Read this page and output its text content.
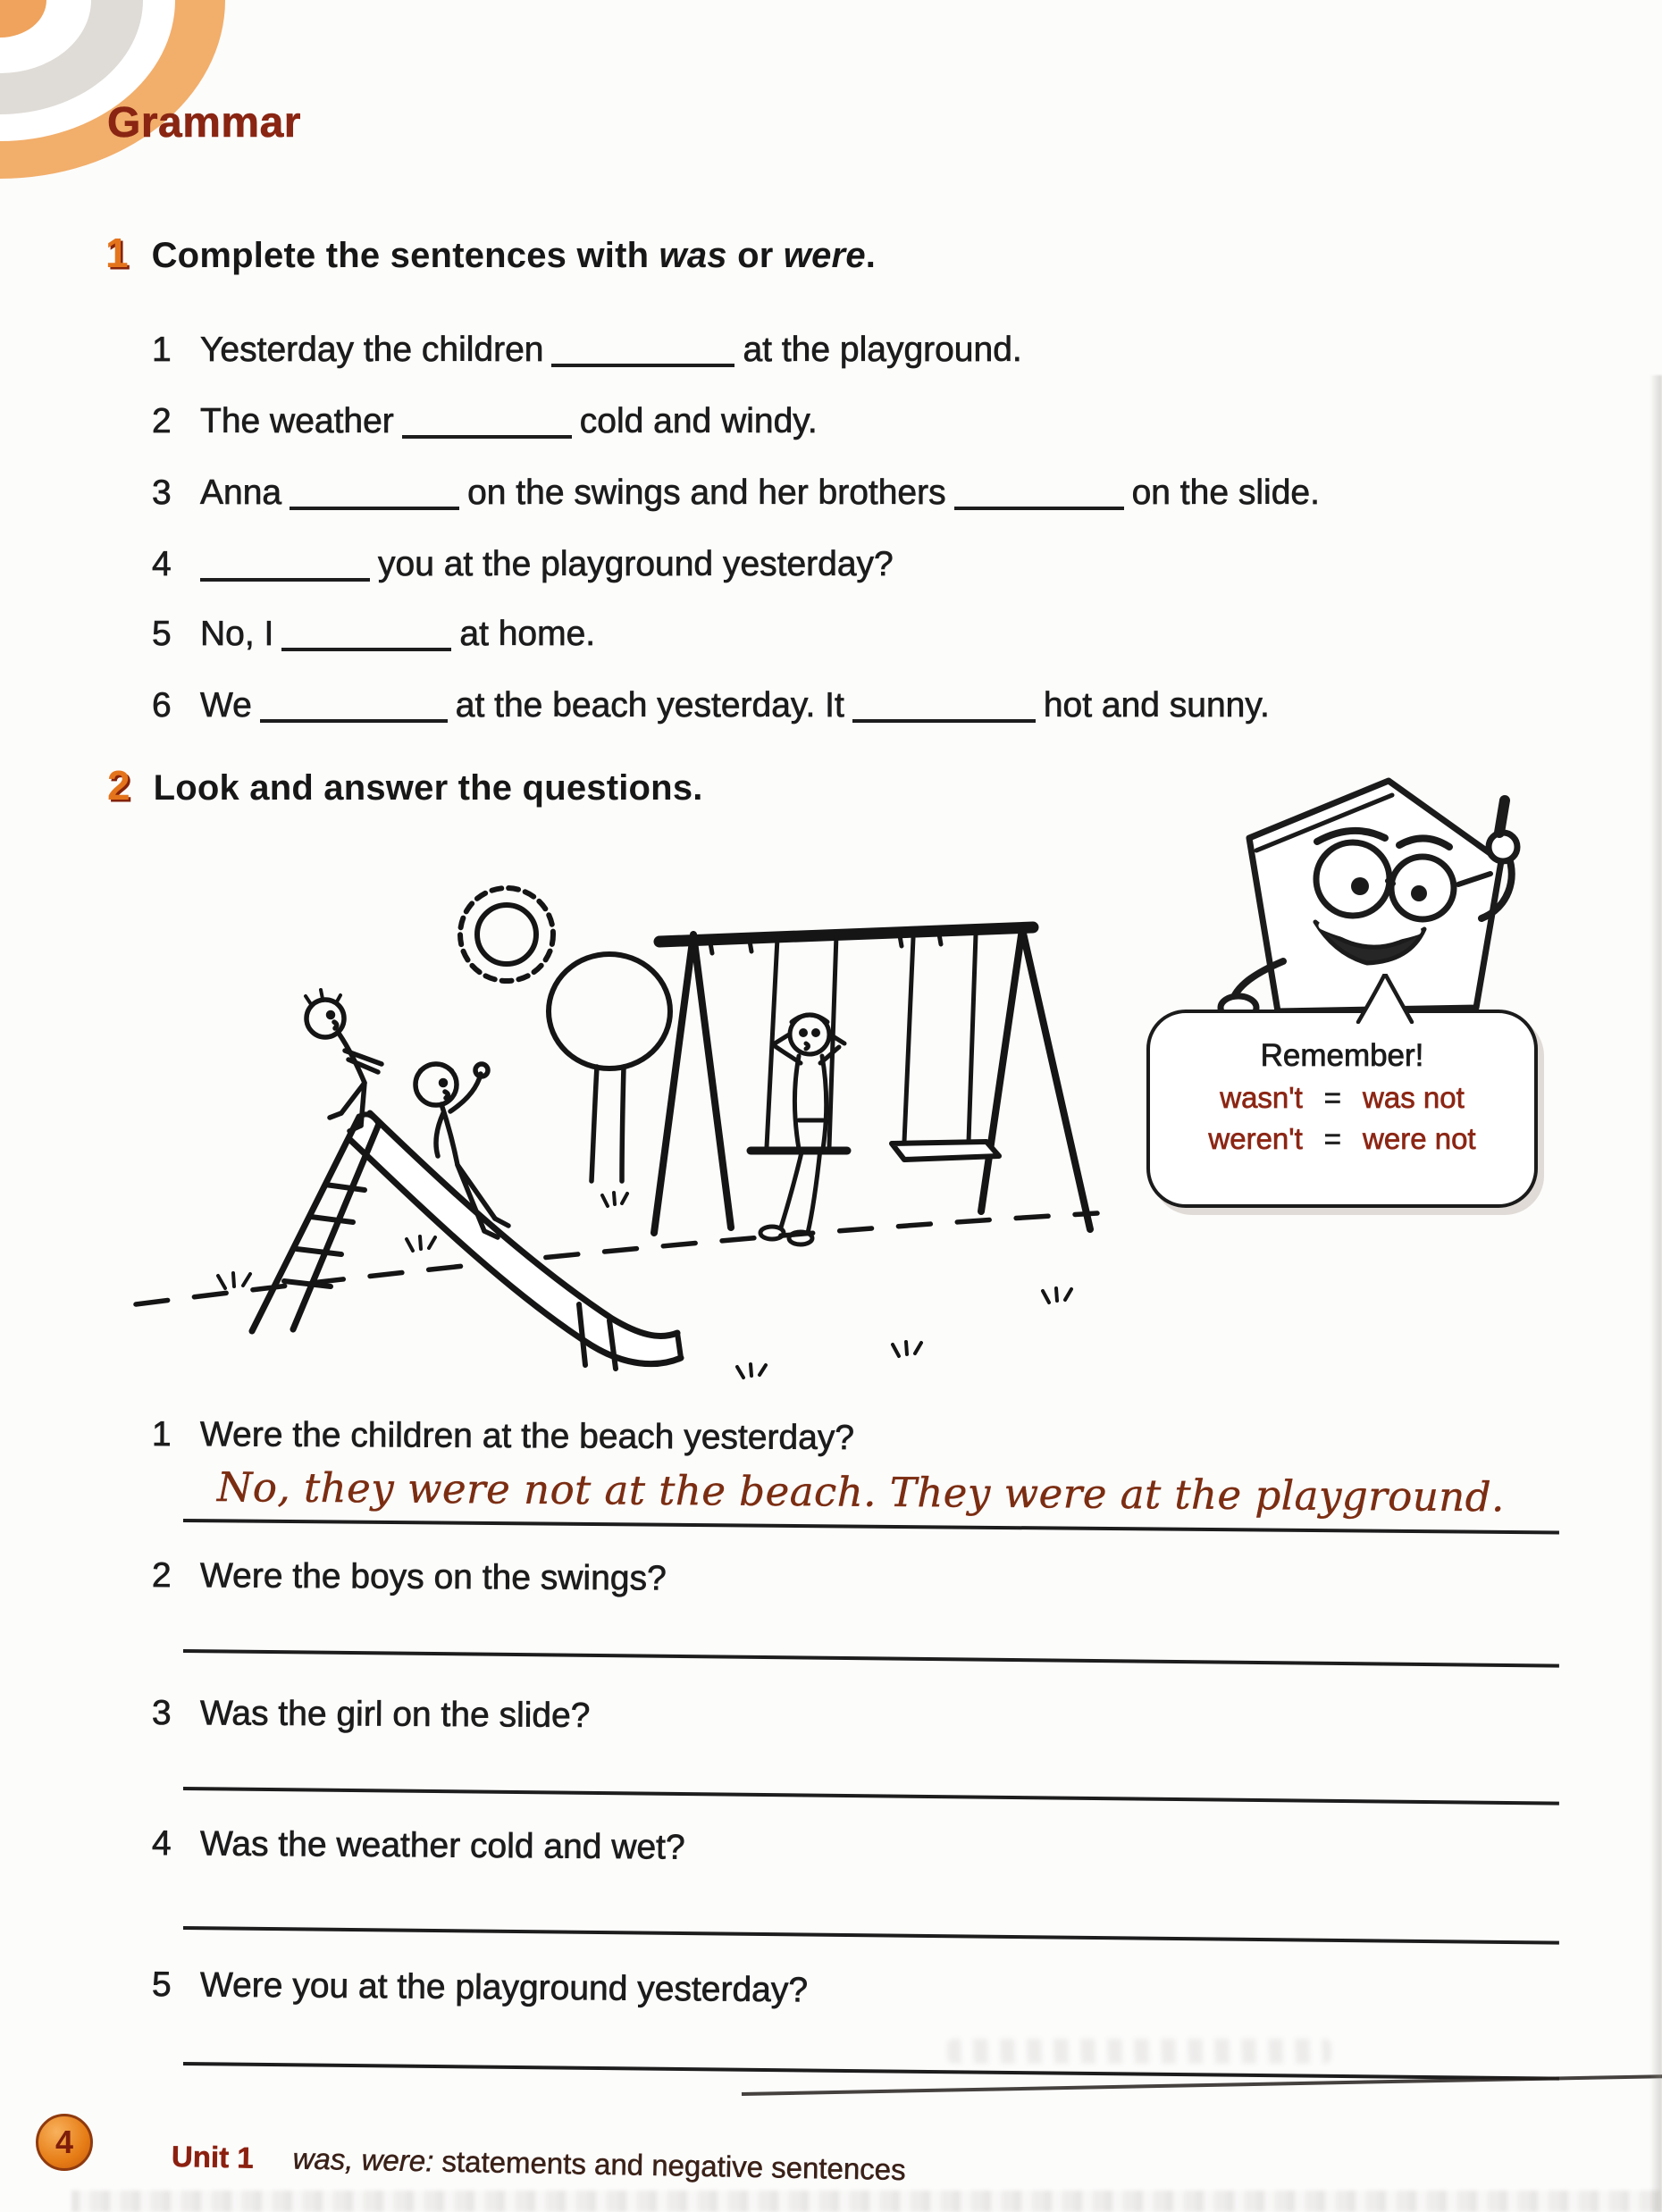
Grammar
1 Complete the sentences with was or were.
1 Yesterday the children	at the playground.
2 The weather	cold and windy.
3 Anna	on the swings and her brothers	on the slide.
4	you at the playground yesterday?
5 No, I	at home.
6 We	at the beach yesterday. It	hot and sunny.
2 Look and answer the questions.
Remember!
wasn't = was not
weren't = were not
1 Were the children at the beach yesterday?
No, they were not at the beach. They were at the playground.
2 Were the boys on the swings?
3 Was the girl on the slide?
4 Was the weather cold and wet?
5 Were you at the playground yesterday?
4	Unit 1 was, were: statements and negative sentences
